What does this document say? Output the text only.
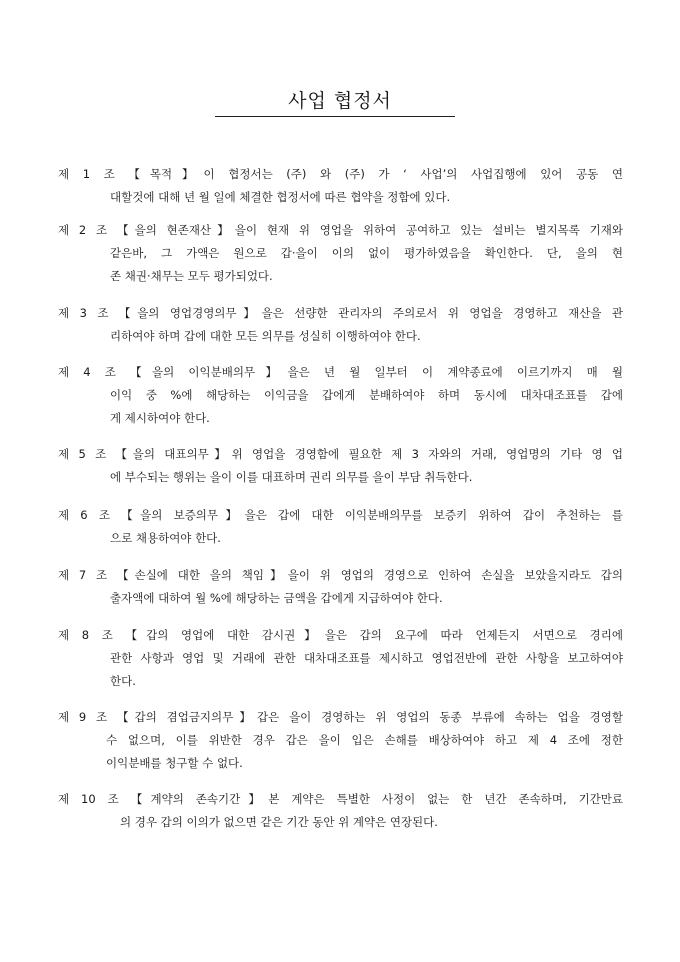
사업 협정서
제 1 조 【목적】이 협정서는 (주) 와 (주) 가 ‘ 사업’의 사업집행에 있어 공동 연
대할것에 대해 년 월 일에 체결한 협정서에 따른 협약을 정함에 있다.
제 2 조 【을의 현존재산】을이 현재 위 영업을 위하여 공여하고 있는 설비는 별지목록 기재와
같은바, 그 가액은 원으로 갑·을이 이의 없이 평가하였음을 확인한다. 단, 을의 현
존 채권·채무는 모두 평가되었다.
제 3 조 【을의 영업경영의무】을은 선량한 관리자의 주의로서 위 영업을 경영하고 재산을 관
리하여야 하며 갑에 대한 모든 의무를 성실히 이행하여야 한다.
제 4 조 【을의 이익분배의무】을은 년 월 일부터 이 계약종료에 이르기까지 매 월
이익 중 %에 해당하는 이익금을 갑에게 분배하여야 하며 동시에 대차대조표를 갑에
게 제시하여야 한다.
제 5 조 【을의 대표의무】위 영업을 경영함에 필요한 제 3 자와의 거래, 영업명의 기타 영 업
에 부수되는 행위는 을이 이를 대표하며 권리 의무를 을이 부담 취득한다.
제 6 조 【을의 보증의무】을은 갑에 대한 이익분배의무를 보증키 위하여 갑이 추천하는 를
으로 채용하여야 한다.
제 7 조 【손실에 대한 을의 책임】을이 위 영업의 경영으로 인하여 손실을 보았을지라도 갑의
출자액에 대하여 월 %에 해당하는 금액을 갑에게 지급하여야 한다.
제 8 조 【갑의 영업에 대한 감시권】을은 갑의 요구에 따라 언제든지 서면으로 경리에
관한 사항과 영업 및 거래에 관한 대차대조표를 제시하고 영업전반에 관한 사항을 보고하여야
한다.
제 9 조 【갑의 겸업금지의무】갑은 을이 경영하는 위 영업의 동종 부류에 속하는 업을 경영할
수 없으며, 이를 위반한 경우 갑은 을이 입은 손해를 배상하여야 하고 제 4 조에 정한
이익분배를 청구할 수 없다.
제 10 조 【계약의 존속기간】본 계약은 특별한 사정이 없는 한 년간 존속하며, 기간만료
의 경우 갑의 이의가 없으면 같은 기간 동안 위 계약은 연장된다.
